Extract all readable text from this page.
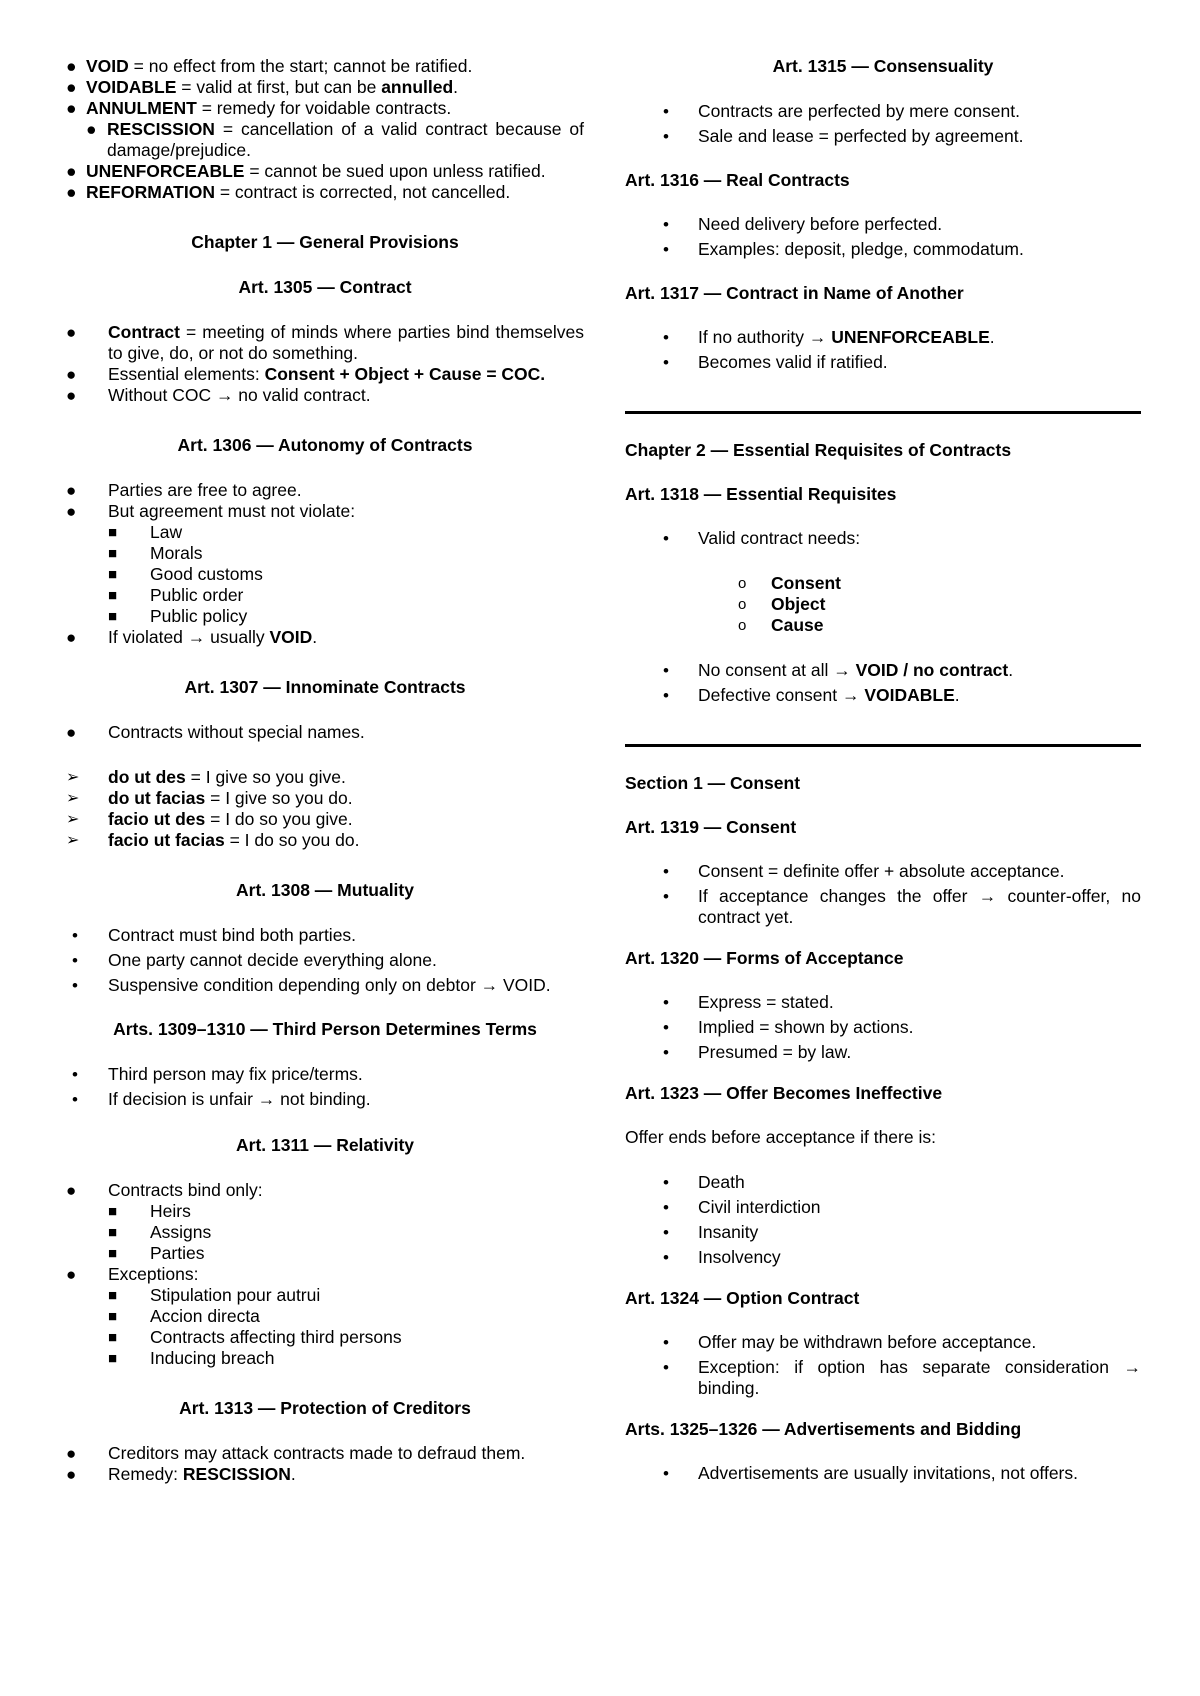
● VOID = no effect from the start; cannot be ratified.

● VOIDABLE = valid at first, but can be annulled.

● ANNULMENT = remedy for voidable contracts.

● RESCISSION = cancellation of a valid contract because of damage/prejudice.

● UNENFORCEABLE = cannot be sued upon unless ratified.

● REFORMATION = contract is corrected, not cancelled.

Chapter 1 — General Provisions

Art. 1305 — Contract

● Contract = meeting of minds where parties bind themselves to give, do, or not do something.
● Essential elements: Consent + Object + Cause = COC.
● Without COC → no valid contract.

Art. 1306 — Autonomy of Contracts

● Parties are free to agree.
● But agreement must not violate:
■ Law
■ Morals
■ Good customs
■ Public order
■ Public policy
● If violated → usually VOID.

Art. 1307 — Innominate Contracts

● Contracts without special names.
➢ do ut des = I give so you give.
➢ do ut facias = I give so you do.
➢ facio ut des = I do so you give.
➢ facio ut facias = I do so you do.

Art. 1308 — Mutuality

• Contract must bind both parties.
• One party cannot decide everything alone.
• Suspensive condition depending only on debtor → VOID.

Arts. 1309–1310 — Third Person Determines Terms

• Third person may fix price/terms.
• If decision is unfair → not binding.

Art. 1311 — Relativity

● Contracts bind only:
■ Heirs
■ Assigns
■ Parties
● Exceptions:
■ Stipulation pour autrui
■ Accion directa
■ Contracts affecting third persons
■ Inducing breach

Art. 1313 — Protection of Creditors

● Creditors may attack contracts made to defraud them.
● Remedy: RESCISSION.

Art. 1315 — Consensuality

• Contracts are perfected by mere consent.
• Sale and lease = perfected by agreement.

Art. 1316 — Real Contracts

• Need delivery before perfected.
• Examples: deposit, pledge, commodatum.

Art. 1317 — Contract in Name of Another

• If no authority → UNENFORCEABLE.
• Becomes valid if ratified.

Chapter 2 — Essential Requisites of Contracts

Art. 1318 — Essential Requisites

• Valid contract needs:
o Consent
o Object
o Cause
• No consent at all → VOID / no contract.
• Defective consent → VOIDABLE.

Section 1 — Consent

Art. 1319 — Consent

• Consent = definite offer + absolute acceptance.
• If acceptance changes the offer → counter-offer, no contract yet.

Art. 1320 — Forms of Acceptance

• Express = stated.
• Implied = shown by actions.
• Presumed = by law.

Art. 1323 — Offer Becomes Ineffective

Offer ends before acceptance if there is:

• Death
• Civil interdiction
• Insanity
• Insolvency

Art. 1324 — Option Contract

• Offer may be withdrawn before acceptance.
• Exception: if option has separate consideration → binding.

Arts. 1325–1326 — Advertisements and Bidding

• Advertisements are usually invitations, not offers.
